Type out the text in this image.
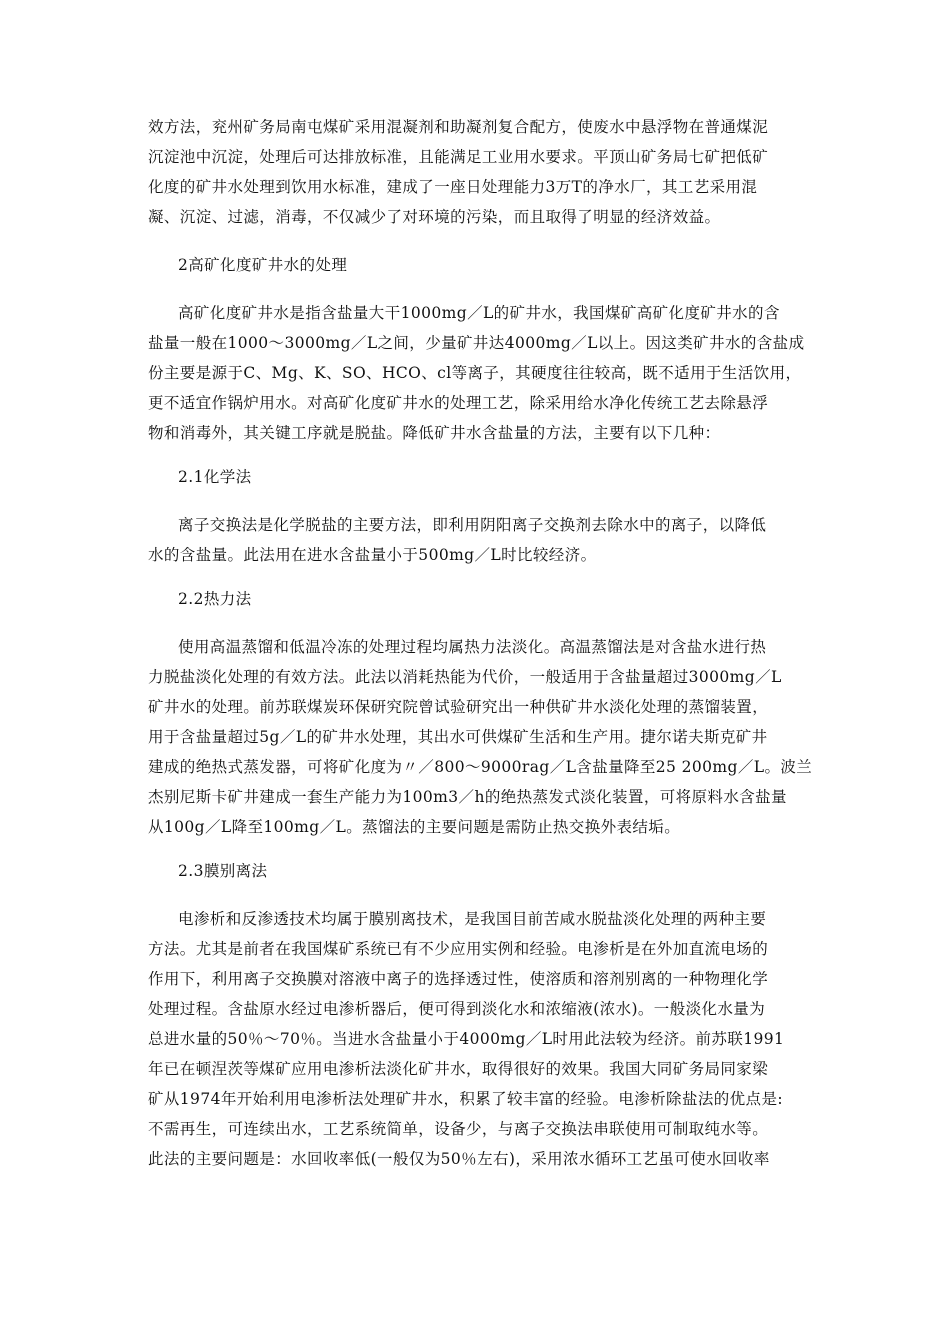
效方法，兖州矿务局南屯煤矿采用混凝剂和助凝剂复合配方，使废水中悬浮物在普通煤泥
沉淀池中沉淀，处理后可达排放标准，且能满足工业用水要求。平顶山矿务局七矿把低矿
化度的矿井水处理到饮用水标准，建成了一座日处理能力3万T的净水厂，其工艺采用混
凝、沉淀、过滤，消毒，不仅减少了对环境的污染，而且取得了明显的经济效益。
2高矿化度矿井水的处理
高矿化度矿井水是指含盐量大干1000mg／L的矿井水，我国煤矿高矿化度矿井水的含
盐量一般在1000～3000mg／L之间，少量矿井达4000mg／L以上。因这类矿井水的含盐成
份主要是源于C、Mg、K、SO、HCO、cl等离子，其硬度往往较高，既不适用于生活饮用，
更不适宜作锅炉用水。对高矿化度矿井水的处理工艺，除采用给水净化传统工艺去除悬浮
物和消毒外，其关键工序就是脱盐。降低矿井水含盐量的方法，主要有以下几种：
2.1化学法
离子交换法是化学脱盐的主要方法，即利用阴阳离子交换剂去除水中的离子，以降低
水的含盐量。此法用在进水含盐量小于500mg／L时比较经济。
2.2热力法
使用高温蒸馏和低温冷冻的处理过程均属热力法淡化。高温蒸馏法是对含盐水进行热
力脱盐淡化处理的有效方法。此法以消耗热能为代价，一般适用于含盐量超过3000mg／L
矿井水的处理。前苏联煤炭环保研究院曾试验研究出一种供矿井水淡化处理的蒸馏装置，
用于含盐量超过5g／L的矿井水处理，其出水可供煤矿生活和生产用。捷尔诺夫斯克矿井
建成的绝热式蒸发器，可将矿化度为〃／800～9000rag／L含盐量降至25 200mg／L。波兰
杰别尼斯卡矿井建成一套生产能力为100m3／h的绝热蒸发式淡化装置，可将原料水含盐量
从100g／L降至100mg／L。蒸馏法的主要问题是需防止热交换外表结垢。
2.3膜别离法
电渗析和反渗透技术均属于膜别离技术，是我国目前苦咸水脱盐淡化处理的两种主要
方法。尤其是前者在我国煤矿系统已有不少应用实例和经验。电渗析是在外加直流电场的
作用下，利用离子交换膜对溶液中离子的选择透过性，使溶质和溶剂别离的一种物理化学
处理过程。含盐原水经过电渗析器后，便可得到淡化水和浓缩液(浓水)。一般淡化水量为
总进水量的50％～70％。当进水含盐量小于4000mg／L时用此法较为经济。前苏联1991
年已在顿涅茨等煤矿应用电渗析法淡化矿井水，取得很好的效果。我国大同矿务局同家梁
矿从1974年开始利用电渗析法处理矿井水，积累了较丰富的经验。电渗析除盐法的优点是:
不需再生，可连续出水，工艺系统简单，设备少，与离子交换法串联使用可制取纯水等。
此法的主要问题是：水回收率低(一般仅为50％左右)，采用浓水循环工艺虽可使水回收率
